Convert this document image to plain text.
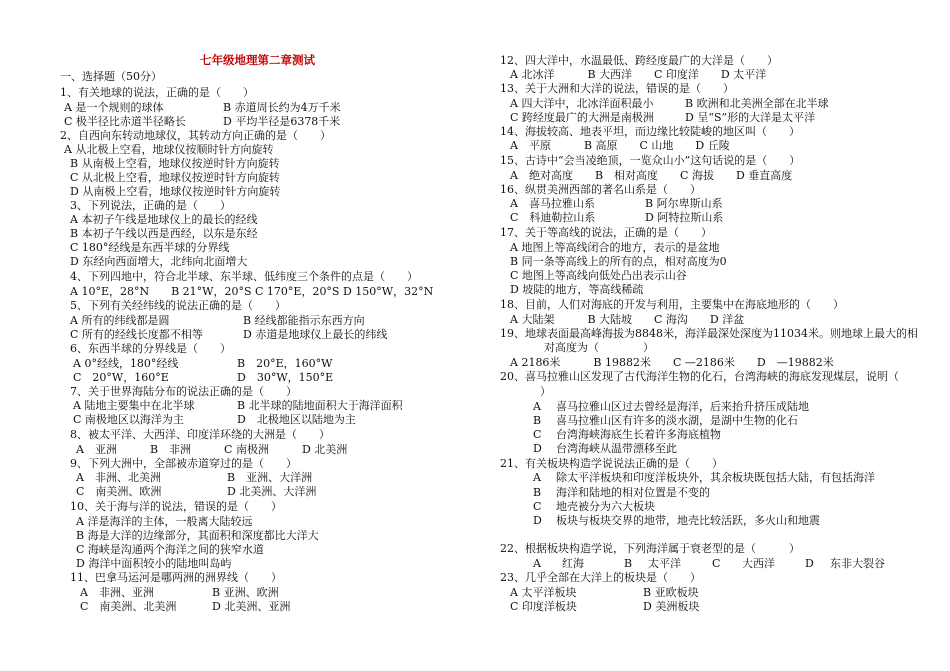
七年级地理第二章测试
一、选择题（50分）
1、有关地球的说法，正确的是（　　）
A 是一个规则的球体	B 赤道周长约为4万千米
C 极半径比赤道半径略长	D 平均半径是6378千米
2、自西向东转动地球仪，其转动方向正确的是（　　）
A 从北极上空看，地球仪按顺时针方向旋转
B 从南极上空看，地球仪按逆时针方向旋转
C 从北极上空看，地球仪按逆时针方向旋转
D 从南极上空看，地球仪按逆时针方向旋转
3、下列说法，正确的是（　　）
A 本初子午线是地球仪上的最长的经线
B 本初子午线以西是西经，以东是东经
C 180°经线是东西半球的分界线
D 东经向西面增大，北纬向北面增大
4、下列四地中，符合北半球、东半球、低纬度三个条件的点是（　　）
A 10°E，28°N　　B 21°W，20°S C 170°E，20°S D 150°W，32°N
5、下列有关经纬线的说法正确的是（　　）
A 所有的纬线都是圆	B 经线都能指示东西方向
C 所有的经线长度都不相等	D 赤道是地球仪上最长的纬线
6、东西半球的分界线是（　　）
A 0°经线，180°经线	B　20°E，160°W
C　20°W，160°E	D　30°W，150°E
7、关于世界海陆分布的说法正确的是（　　）
A 陆地主要集中在北半球	B 北半球的陆地面积大于海洋面积
C 南极地区以海洋为主	D　北极地区以陆地为主
8、被太平洋、大西洋、印度洋环绕的大洲是（　　）
A　亚洲　　　B　非洲　　　C 南极洲　　　D 北美洲
9、下列大洲中，全部被赤道穿过的是（　　）
A　非洲、北美洲	B　亚洲、大洋洲
C　南美洲、欧洲	D 北美洲、大洋洲
10、关于海与洋的说法，错误的是（　　）
A 洋是海洋的主体，一般离大陆较远
B 海是大洋的边缘部分，其面积和深度都比大洋大
C 海峡是沟通两个海洋之间的狭窄水道
D 海洋中面积较小的陆地叫岛屿
11、巴拿马运河是哪两洲的洲界线（　　）
A　非洲、亚洲	B 亚洲、欧洲
C　南美洲、北美洲	D 北美洲、亚洲
12、四大洋中，水温最低、跨经度最广的大洋是（　　）
A 北冰洋　　　B 大西洋　　C 印度洋　　D 太平洋
13、关于大洲和大洋的说法，错误的是（　　）
A 四大洋中，北冰洋面积最小	B 欧洲和北美洲全部在北半球
C 跨经度最广的大洲是南极洲	D 呈“S”形的大洋是太平洋
14、海拔较高、地表平坦，而边缘比较陡峻的地区叫（　　）
A　平原　　　B 高原　　C 山地　　D 丘陵
15、古诗中“会当凌绝顶，一览众山小”这句话说的是（　　）
A　绝对高度　　B　相对高度　　C 海拔　　D 垂直高度
16、纵贯美洲西部的著名山系是（　　）
A　喜马拉雅山系	B 阿尔卑斯山系
C　科迪勒拉山系	D 阿特拉斯山系
17、关于等高线的说法，正确的是（　　）
A 地图上等高线闭合的地方，表示的是盆地
B 同一条等高线上的所有的点，相对高度为0
C 地图上等高线向低处凸出表示山谷
D 坡陡的地方，等高线稀疏
18、目前，人们对海底的开发与利用，主要集中在海底地形的（　　）
A 大陆架　　　B 大陆坡　　C 海沟　　D 洋盆
19、地球表面最高峰海拔为8848米，海洋最深处深度为11034米。则地球上最大的相
对高度为（　　　　）
A 2186米　　　B 19882米　　C —2186米　　D　—19882米
20、喜马拉雅山区发现了古代海洋生物的化石，台湾海峡的海底发现煤层，说明（
）
A 喜马拉雅山区过去曾经是海洋，后来抬升挤压成陆地
B 喜马拉雅山区有许多的淡水湖，是湖中生物的化石
C 台湾海峡海底生长着许多海底植物
D 台湾海峡从温带漂移至此
21、有关板块构造学说说法正确的是（　　）
A 除太平洋板块和印度洋板块外，其余板块既包括大陆，有包括海洋
B 海洋和陆地的相对位置是不变的
C 地壳被分为六大板块
D 板块与板块交界的地带，地壳比较活跃，多火山和地震
22、根据板块构造学说，下列海洋属于衰老型的是（　　　）
A 红海	B 太平洋	C 大西洋	D 东非大裂谷
23、几乎全部在大洋上的板块是（　　）
A 太平洋板块	B 亚欧板块
C 印度洋板块	D 美洲板块
